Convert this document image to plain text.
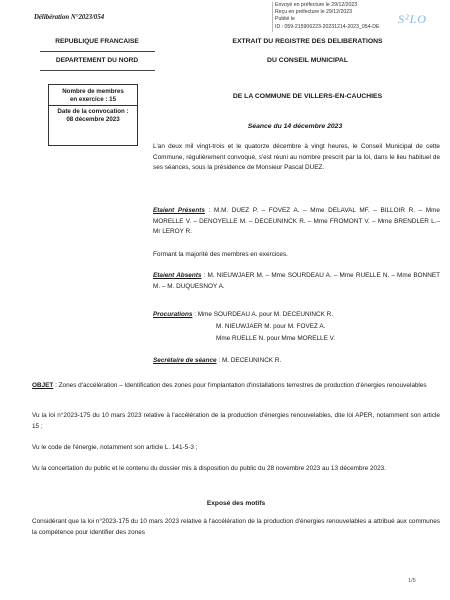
Envoyé en préfecture le 29/12/2023
Reçu en préfecture le 29/12/2023
Publié le
ID : 059-215906223-20231214-2023_054-DE
S²LO
Délibération N°2023/054
REPUBLIQUE FRANCAISE
DEPARTEMENT DU NORD
EXTRAIT DU REGISTRE DES DELIBERATIONS
DU CONSEIL MUNICIPAL
DE LA COMMUNE DE VILLERS-EN-CAUCHIES
Nombre de membres
en exercice : 15
Date de la convocation :
08 décembre 2023
Séance du 14 décembre 2023
L'an deux mil vingt-trois et le quatorze décembre à vingt heures, le Conseil Municipal de cette Commune, régulièrement convoqué, s'est réuni au nombre prescrit par la loi, dans le lieu habituel de ses séances, sous la présidence de Monsieur Pascal DUEZ.
Etaient Présents : M.M. DUEZ P. – FOVEZ A. – Mme DELAVAL MF. – BILLOIR R. – Mme MORELLE V. – DENOYELLE M. – DECEUNINCK R. – Mme FROMONT V. – Mme BRENDLER L.– Mr LEROY R.
Formant la majorité des membres en exercices.
Etaient Absents : M. NIEUWJAER M. – Mme SOURDEAU A. – Mme RUELLE N. – Mme BONNET M. – M. DUQUESNOY A.
Procurations : Mme SOURDEAU A. pour M. DECEUNINCK R.
M. NIEUWJAER M. pour M. FOVEZ A.
Mme RUELLE N. pour Mme MORELLE V.
Secrétaire de séance : M. DECEUNINCK R.
OBJET : Zones d'accélération – Identification des zones pour l'implantation d'installations terrestres de production d'énergies renouvelables
Vu la loi n°2023-175 du 10 mars 2023 relative à l'accélération de la production d'énergies renouvelables, dite loi APER, notamment son article 15 ;
Vu le code de l'énergie, notamment son article L. 141-5-3 ;
Vu la concertation du public et le contenu du dossier mis à disposition du public du 28 novembre 2023 au 13 décembre 2023.
Exposé des motifs
Considérant que la loi n°2023-175 du 10 mars 2023 relative à l'accélération de la production d'énergies renouvelables a attribué aux communes la compétence pour identifier des zones
1/5
